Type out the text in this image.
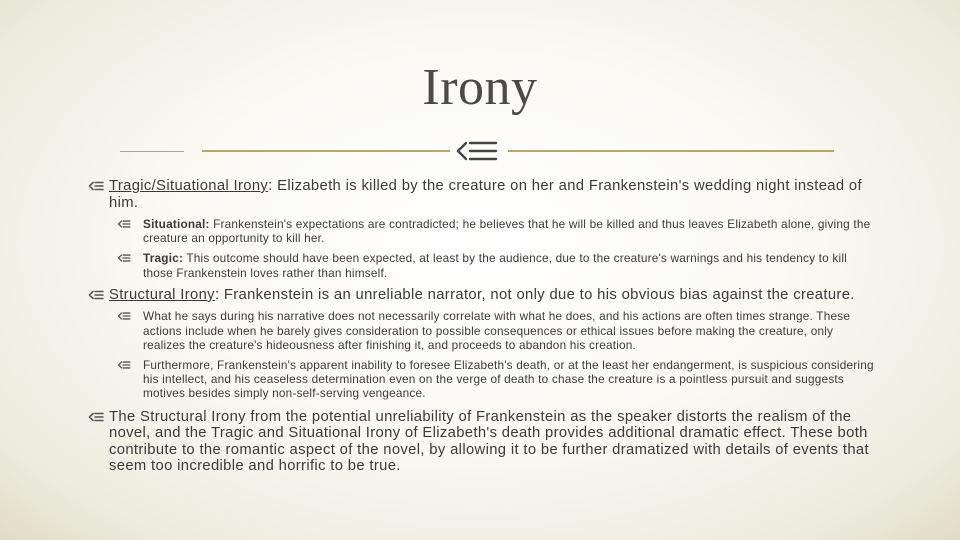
Irony
Tragic/Situational Irony: Elizabeth is killed by the creature on her and Frankenstein's wedding night instead of him.
Situational: Frankenstein's expectations are contradicted; he believes that he will be killed and thus leaves Elizabeth alone, giving the creature an opportunity to kill her.
Tragic: This outcome should have been expected, at least by the audience, due to the creature's warnings and his tendency to kill those Frankenstein loves rather than himself.
Structural Irony: Frankenstein is an unreliable narrator, not only due to his obvious bias against the creature.
What he says during his narrative does not necessarily correlate with what he does, and his actions are often times strange. These actions include when he barely gives consideration to possible consequences or ethical issues before making the creature, only realizes the creature's hideousness after finishing it, and proceeds to abandon his creation.
Furthermore, Frankenstein's apparent inability to foresee Elizabeth's death, or at the least her endangerment, is suspicious considering his intellect, and his ceaseless determination even on the verge of death to chase the creature is a pointless pursuit and suggests motives besides simply non-self-serving vengeance.
The Structural Irony from the potential unreliability of Frankenstein as the speaker distorts the realism of the novel, and the Tragic and Situational Irony of Elizabeth's death provides additional dramatic effect. These both contribute to the romantic aspect of the novel, by allowing it to be further dramatized with details of events that seem too incredible and horrific to be true.
